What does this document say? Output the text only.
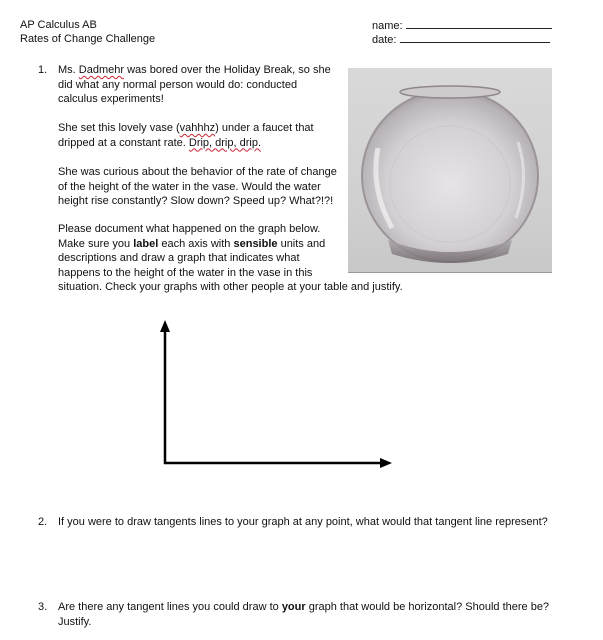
AP Calculus AB
Rates of Change Challenge
name:
date:
1. Ms. Dadmehr was bored over the Holiday Break, so she did what any normal person would do: conducted calculus experiments!

She set this lovely vase (vahhhz) under a faucet that dripped at a constant rate. Drip, drip, drip.

She was curious about the behavior of the rate of change of the height of the water in the vase. Would the water height rise constantly? Slow down? Speed up? What?!?!

Please document what happened on the graph below. Make sure you label each axis with sensible units and descriptions and draw a graph that indicates what happens to the height of the water in the vase in this

situation. Check your graphs with other people at your table and justify.

2. If you were to draw tangents lines to your graph at any point, what would that tangent line represent?

3. Are there any tangent lines you could draw to your graph that would be horizontal? Should there be?

Justify.
